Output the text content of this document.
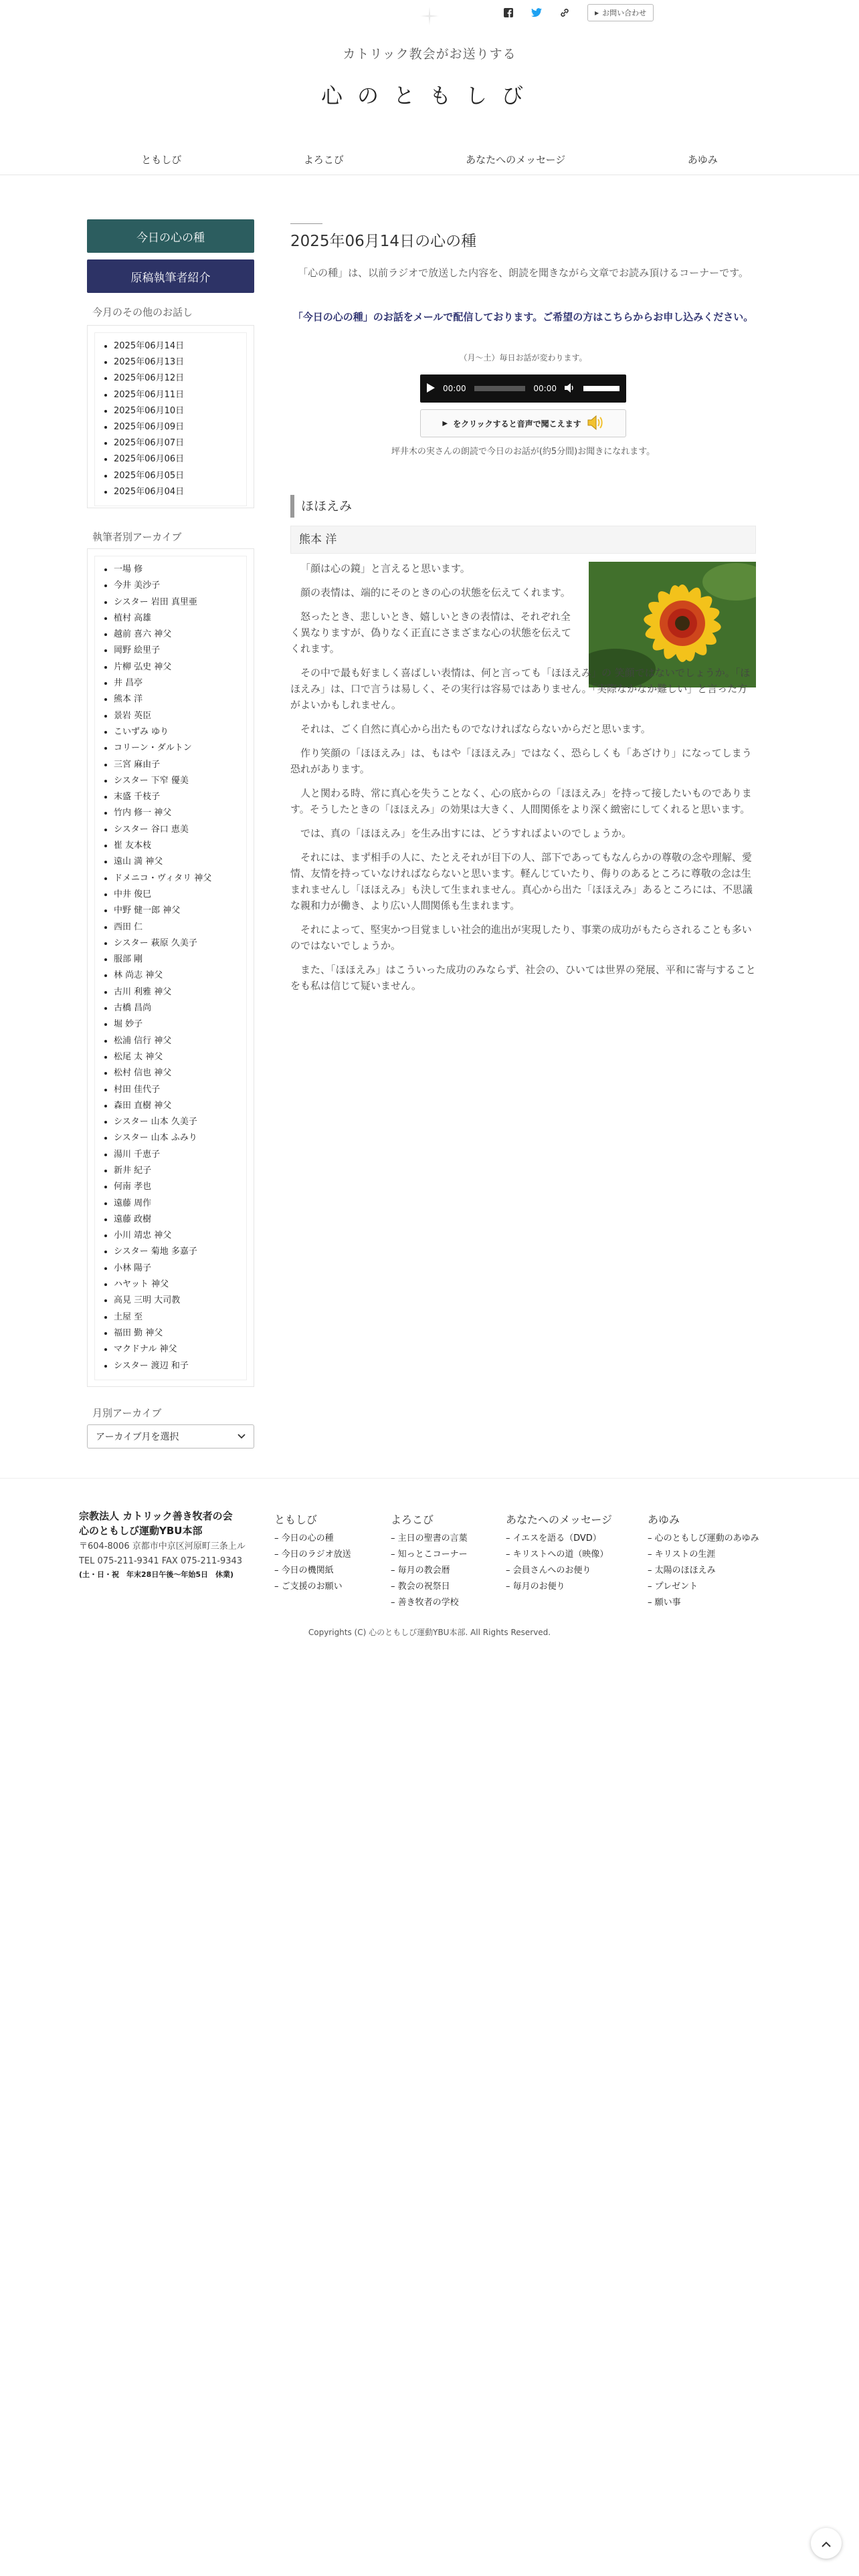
▶ お問い合わせ
カトリック教会がお送りする
心のともしび
ともしび	よろこび	あなたへのメッセージ	あゆみ
今日の心の種
原稿執筆者紹介
今月のその他のお話し
• 2025年06月14日
• 2025年06月13日
• 2025年06月12日
• 2025年06月11日
• 2025年06月10日
• 2025年06月09日
• 2025年06月07日
• 2025年06月06日
• 2025年06月05日
• 2025年06月04日
執筆者別アーカイブ
• 一場 修
• 今井 美沙子
• シスター 岩田 真里亜
• 植村 高雄
• 越前 喜六 神父
• 岡野 絵里子
• 片柳 弘史 神父
• 井 昌亭
• 熊本 洋
• 景岩 英臣
• こいずみ ゆり
• コリーン・ダルトン
• 三宮 麻由子
• シスター 下窄 優美
• 末盛 千枝子
• 竹内 修一 神父
• シスター 谷口 恵美
• 崔 友本枝
• 遠山 満 神父
• ドメニコ・ヴィタリ 神父
• 中井 俊巳
• 中野 健一郎 神父
• 西田 仁
• シスター 萩原 久美子
• 服部 剛
• 林 尚志 神父
• 古川 利雅 神父
• 古橋 昌尚
• 堀 妙子
• 松浦 信行 神父
• 松尾 太 神父
• 松村 信也 神父
• 村田 佳代子
• 森田 直樹 神父
• シスター 山本 久美子
• シスター 山本 ふみり
• 湯川 千恵子
• 新井 紀子
• 何南 孝也
• 遠藤 周作
• 遠藤 政樹
• 小川 靖忠 神父
• シスター 菊地 多嘉子
• 小林 陽子
• ハヤット 神父
• 高見 三明 大司教
• 土屋 至
• 福田 勤 神父
• マクドナル 神父
• シスター 渡辺 和子
月別アーカイブ
アーカイブ月を選択
2025年06月14日の心の種
「心の種」は、以前ラジオで放送した内容を、朗読を聞きながら文章でお読み頂けるコーナーです。
「今日の心の種」のお話をメールで配信しております。ご希望の方はこちらからお申し込みください。
（月〜土）毎日お話が変わります。
00:00	00:00
▶ をクリックすると音声で聞こえます
坪井木の実さんの朗読で今日のお話が(約5分間)お聞きになれます。
ほほえみ
熊本 洋

「顔は心の鏡」と言えると思います。

顔の表情は、端的にそのときの心の状態を伝えてくれます。

怒ったとき、悲しいとき、嬉しいときの表情は、それぞれ全く異なりますが、偽りなく正直にさまざまな心の状態を伝えてくれます。

その中で最も好ましく喜ばしい表情は、何と言っても「ほほえみ」の 笑顔ではないでしょうか。「ほほえみ」は、口で言うは易しく、その実行は容易ではありません。「実際なかなか難しい」と言った方がよいかもしれません。

それは、ごく自然に真心から出たものでなければならないからだと思います。

作り笑顔の「ほほえみ」は、もはや「ほほえみ」ではなく、恐らしくも「あざけり」になってしまう恐れがあります。

人と関わる時、常に真心を失うことなく、心の底からの「ほほえみ」を持って接したいものであります。そうしたときの「ほほえみ」の効果は大きく、人間関係をより深く緻密にしてくれると思います。

では、真の「ほほえみ」を生み出すには、どうすればよいのでしょうか。

それには、まず相手の人に、たとえそれが目下の人、部下であってもなんらかの尊敬の念や理解、愛情、友情を持っていなければならないと思います。軽んじていたり、侮りのあるところに尊敬の念は生まれませんし「ほほえみ」も決して生まれません。真心から出た「ほほえみ」あるところには、不思議な親和力が働き、より広い人間関係も生まれます。

それによって、堅実かつ目覚ましい社会的進出が実現したり、事業の成功がもたらされることも多いのではないでしょうか。

また、「ほほえみ」はこういった成功のみならず、社会の、ひいては世界の発展、平和に寄与することをも私は信じて疑いません。

宗教法人 カトリック善き牧者の会
心のともしび運動YBU本部
〒604-8006 京都市中京区河原町三条上ル
TEL 075-211-9341 FAX 075-211-9343
(土・日・祝　年末28日午後〜年始5日　休業)
ともしび
– 今日の心の種
– 今日のラジオ放送
– 今日の機関紙
– ご支援のお願い
よろこび
– 主日の聖書の言葉
– 知っとこコーナー
– 毎月の教会暦
– 教会の祝祭日
– 善き牧者の学校
あなたへのメッセージ
– イエスを語る（DVD）
– キリストへの道（映像）
– 会員さんへのお便り
– 毎月のお便り
あゆみ
– 心のともしび運動のあゆみ
– キリストの生涯
– 太陽のほほえみ
– プレゼント
– 願い事
Copyrights (C) 心のともしび運動YBU本部. All Rights Reserved.
